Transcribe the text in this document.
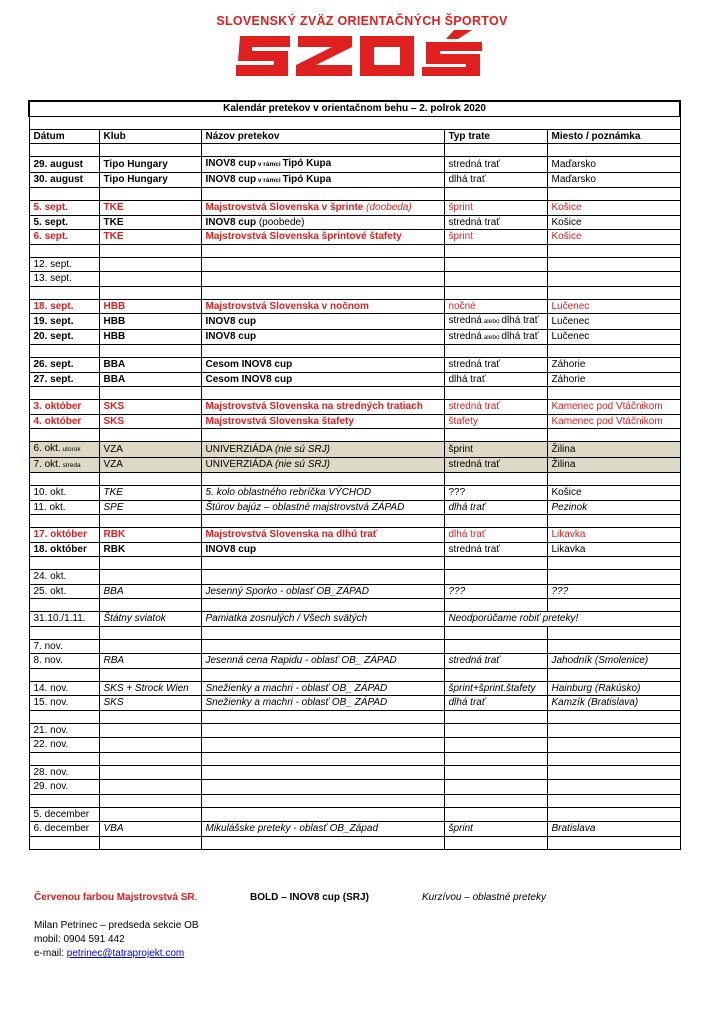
SLOVENSKÝ ZVÄZ ORIENTAČNÝCH ŠPORTOV
Kalendár pretekov v orientačnom behu – 2. polrok 2020				

Dátum	Klub	Názov pretekov	Typ trate	Miesto / poznámka

29. august	Tipo Hungary	INOV8 cup v rámci Tipó Kupa	stredná trať	Maďarsko
30. august	Tipo Hungary	INOV8 cup v rámci Tipó Kupa	dlhá trať	Maďarsko

5. sept.	TKE	Majstrovstvá Slovenska v šprinte (doobeda)	šprint	Košice
5. sept.	TKE	INOV8 cup (poobede)	stredná trať	Košice
6. sept.	TKE	Majstrovstvá Slovenska šprintové štafety	šprint	Košice

12. sept.				
13. sept.				

18. sept.	HBB	Majstrovstvá Slovenska v nočnom	nočné	Lučenec
19. sept.	HBB	INOV8 cup	stredná alebo dlhá trať	Lučenec
20. sept.	HBB	INOV8 cup	stredná alebo dlhá trať	Lučenec

26. sept.	BBA	Cesom INOV8 cup	stredná trať	Záhorie
27. sept.	BBA	Cesom INOV8 cup	dlhá trať	Záhorie

3. október	SKS	Majstrovstvá Slovenska na stredných tratiach	stredná trať	Kamenec pod Vtáčnikom
4. október	SKS	Majstrovstvá Slovenska štafety	štafety	Kamenec pod Vtáčnikom

6. okt. utorok	VZA	UNIVERZIÁDA (nie sú SRJ)	šprint	Žilina
7. okt. streda	VZA	UNIVERZIÁDA (nie sú SRJ)	stredná trať	Žilina

10. okt.	TKE	5. kolo oblastného rebríčka VÝCHOD	???	Košice
11. okt.	SPE	Štúrov bajúz – oblastné majstrovstvá ZÁPAD	dlhá trať	Pezinok

17. október	RBK	Majstrovstvá Slovenska na dlhú trať	dlhá trať	Likavka
18. október	RBK	INOV8 cup	stredná trať	Likavka

24. okt.				
25. okt.	BBA	Jesenný Sporko - oblasť OB_ZÁPAD	???	???

31.10./1.11.	Štátny sviatok	Pamiatka zosnulých / Všech svätých	Neodporúčame robiť preteky!	

7. nov.				
8. nov.	RBA	Jesenná cena Rapidu - oblasť OB_ ZÁPAD	stredná trať	Jahodník (Smolenice)

14. nov.	SKS + Strock Wien	Snežienky a machri - oblasť OB_ ZÁPAD	šprint+šprint.štafety	Hainburg (Rakúsko)
15. nov.	SKS	Snežienky a machri - oblasť OB_ ZÁPAD	dlhá trať	Kamzík (Bratislava)

21. nov.				
22. nov.				

28. nov.				
29. nov.				

5. december				
6. december	VBA	Mikulášske preteky - oblasť OB_Západ	šprint	Bratislava

Červenou farbou Majstrovstvá SR.	BOLD – INOV8 cup (SRJ)	Kurzívou – oblastné preteky
Milan Petrinec – predseda sekcie OB
mobil: 0904 591 442
e-mail: petrinec@tatraprojekt.com
